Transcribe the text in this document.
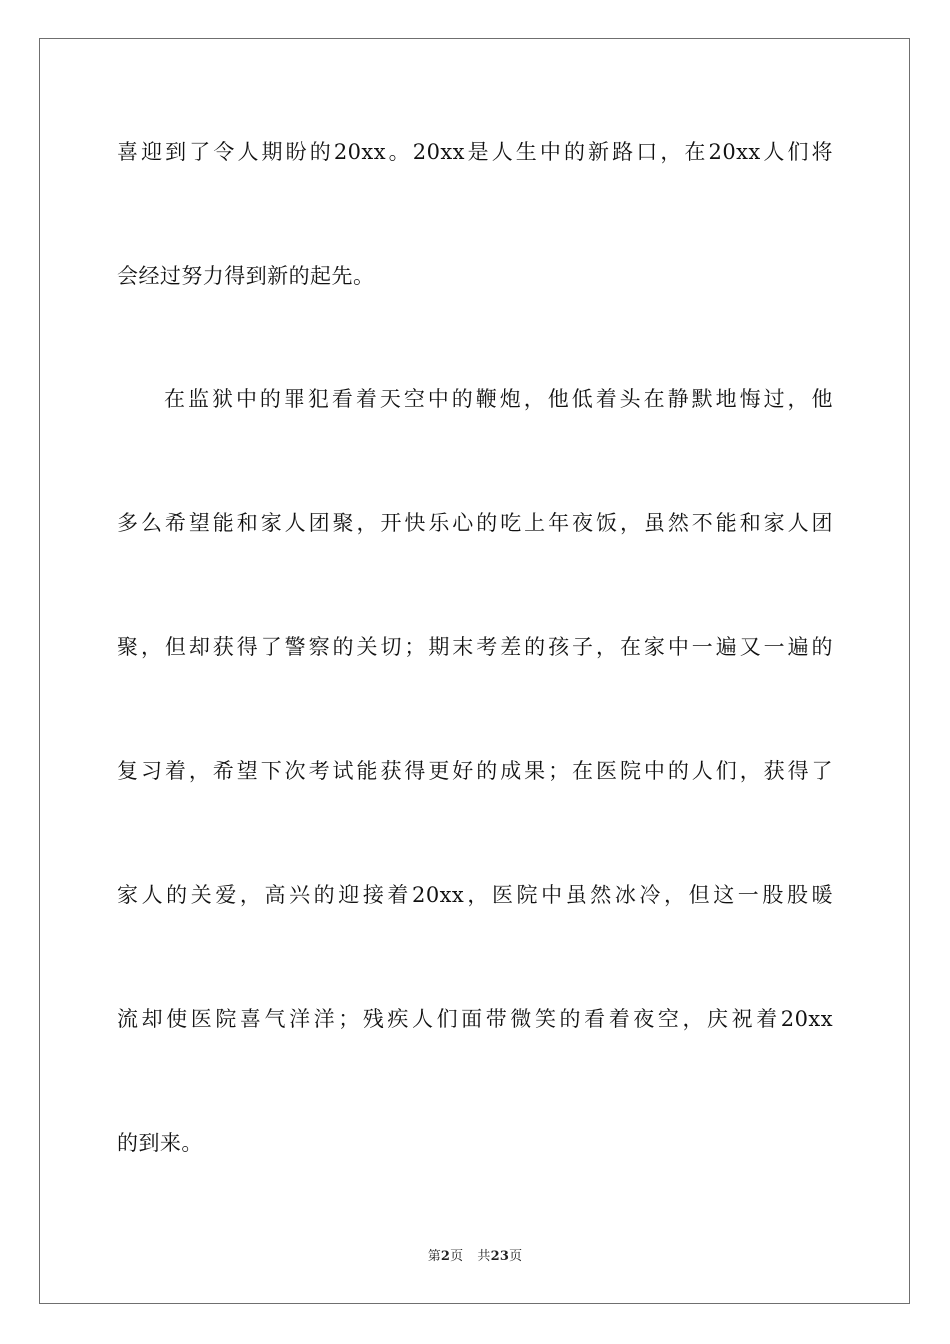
喜迎到了令人期盼的20xx。20xx是人生中的新路口，在20xx人们将
会经过努力得到新的起先。
在监狱中的罪犯看着天空中的鞭炮，他低着头在静默地悔过，他
多么希望能和家人团聚，开快乐心的吃上年夜饭，虽然不能和家人团
聚，但却获得了警察的关切；期末考差的孩子，在家中一遍又一遍的
复习着，希望下次考试能获得更好的成果；在医院中的人们，获得了
家人的关爱，高兴的迎接着20xx，医院中虽然冰冷，但这一股股暖
流却使医院喜气洋洋；残疾人们面带微笑的看着夜空，庆祝着20xx
的到来。
第2页 共23页
